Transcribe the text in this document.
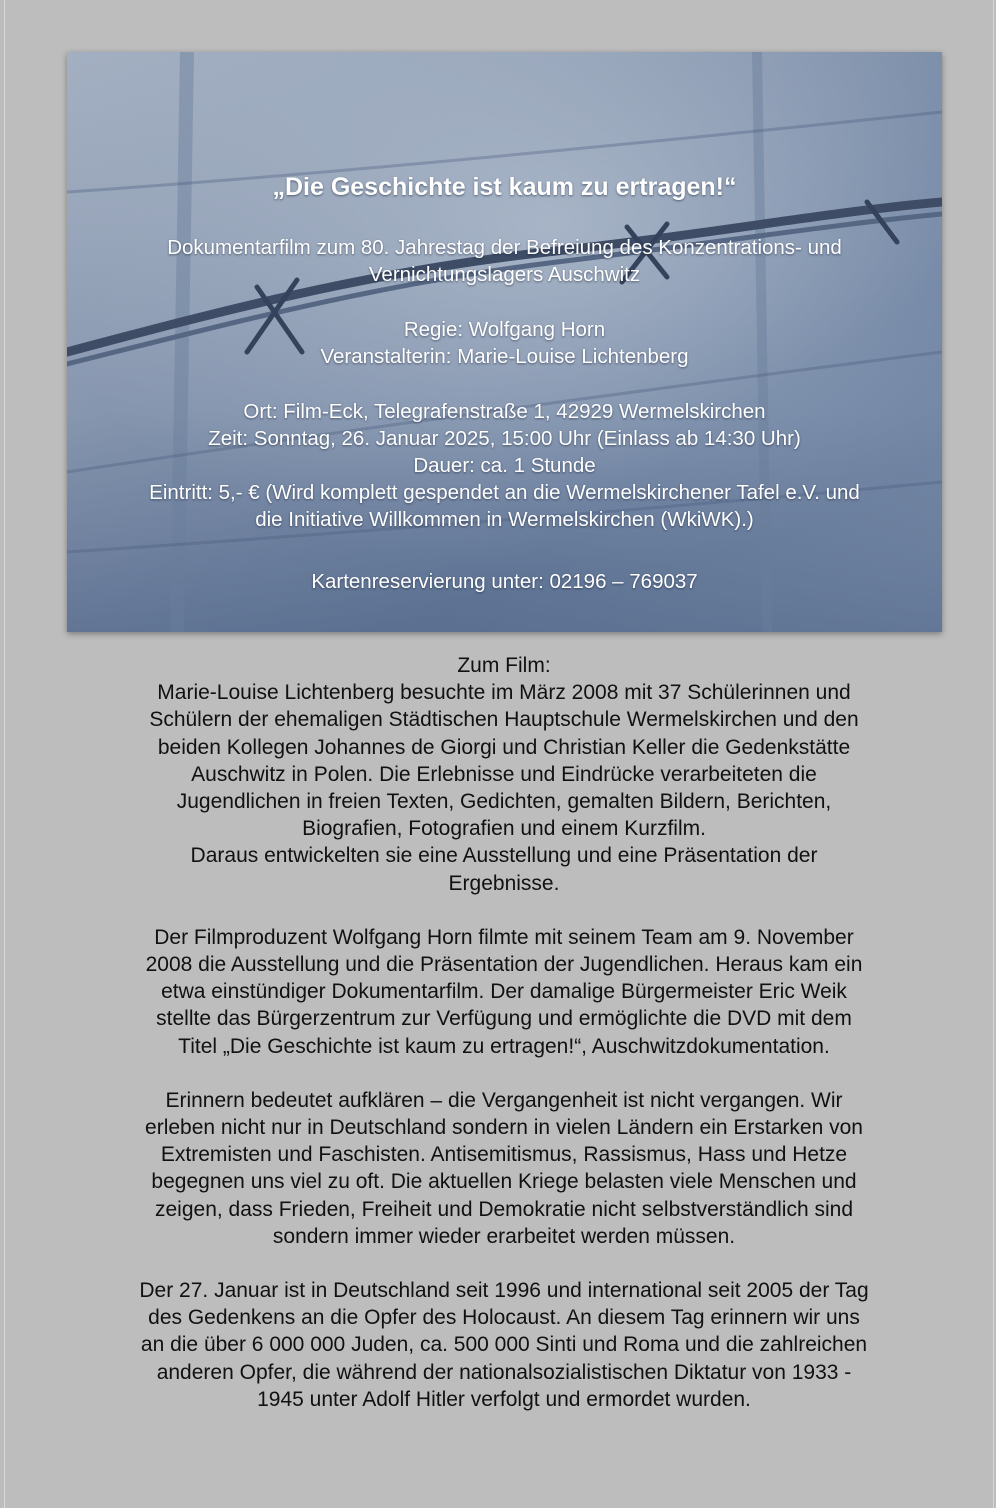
„Die Geschichte ist kaum zu ertragen!“
Dokumentarfilm zum 80. Jahrestag der Befreiung des Konzentrations- und
Vernichtungslagers Auschwitz
Regie: Wolfgang Horn
Veranstalterin: Marie-Louise Lichtenberg
Ort: Film-Eck, Telegrafenstraße 1, 42929 Wermelskirchen
Zeit: Sonntag, 26. Januar 2025, 15:00 Uhr (Einlass ab 14:30 Uhr)
Dauer: ca. 1 Stunde
Eintritt: 5,- € (Wird komplett gespendet an die Wermelskirchener Tafel e.V. und
die Initiative Willkommen in Wermelskirchen (WkiWK).)
Kartenreservierung unter: 02196 – 769037

Zum Film:

Marie-Louise Lichtenberg besuchte im März 2008 mit 37 Schülerinnen und
Schülern der ehemaligen Städtischen Hauptschule Wermelskirchen und den
beiden Kollegen Johannes de Giorgi und Christian Keller die Gedenkstätte
Auschwitz in Polen. Die Erlebnisse und Eindrücke verarbeiteten die
Jugendlichen in freien Texten, Gedichten, gemalten Bildern, Berichten,
Biografien, Fotografien und einem Kurzfilm.
Daraus entwickelten sie eine Ausstellung und eine Präsentation der
Ergebnisse.

Der Filmproduzent Wolfgang Horn filmte mit seinem Team am 9. November
2008 die Ausstellung und die Präsentation der Jugendlichen. Heraus kam ein
etwa einstündiger Dokumentarfilm. Der damalige Bürgermeister Eric Weik
stellte das Bürgerzentrum zur Verfügung und ermöglichte die DVD mit dem
Titel „Die Geschichte ist kaum zu ertragen!“, Auschwitzdokumentation.

Erinnern bedeutet aufklären – die Vergangenheit ist nicht vergangen. Wir
erleben nicht nur in Deutschland sondern in vielen Ländern ein Erstarken von
Extremisten und Faschisten. Antisemitismus, Rassismus, Hass und Hetze
begegnen uns viel zu oft. Die aktuellen Kriege belasten viele Menschen und
zeigen, dass Frieden, Freiheit und Demokratie nicht selbstverständlich sind
sondern immer wieder erarbeitet werden müssen.

Der 27. Januar ist in Deutschland seit 1996 und international seit 2005 der Tag
des Gedenkens an die Opfer des Holocaust. An diesem Tag erinnern wir uns
an die über 6 000 000 Juden, ca. 500 000 Sinti und Roma und die zahlreichen
anderen Opfer, die während der nationalsozialistischen Diktatur von 1933 -
1945 unter Adolf Hitler verfolgt und ermordet wurden.
